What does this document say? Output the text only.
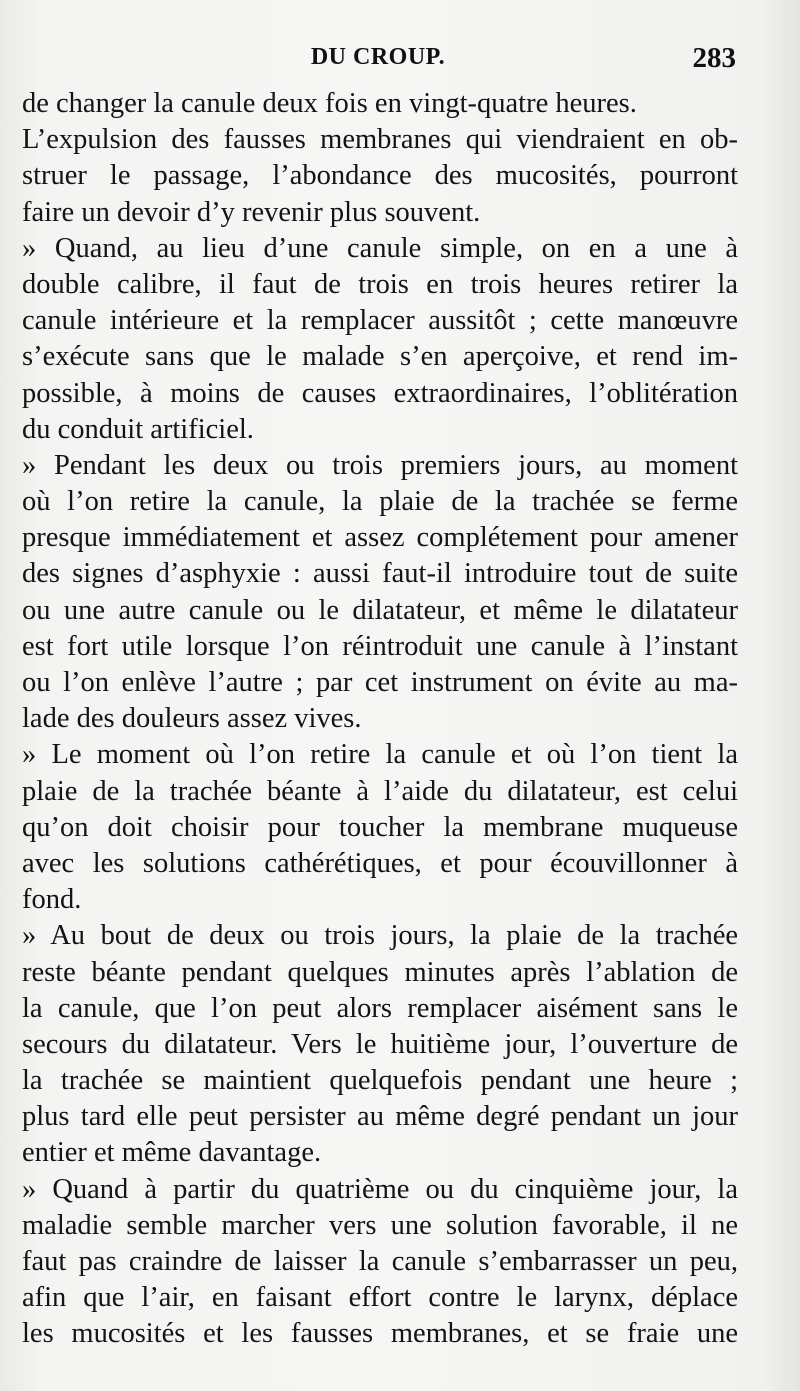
DU CROUP.	283
de changer la canule deux fois en vingt-quatre heures.
L’expulsion des fausses membranes qui viendraient en ob-
struer le passage, l’abondance des mucosités, pourront
faire un devoir d’y revenir plus souvent.
» Quand, au lieu d’une canule simple, on en a une à
double calibre, il faut de trois en trois heures retirer la
canule intérieure et la remplacer aussitôt ; cette manœuvre
s’exécute sans que le malade s’en aperçoive, et rend im-
possible, à moins de causes extraordinaires, l’oblitération
du conduit artificiel.
» Pendant les deux ou trois premiers jours, au moment
où l’on retire la canule, la plaie de la trachée se ferme
presque immédiatement et assez complétement pour amener
des signes d’asphyxie : aussi faut-il introduire tout de suite
ou une autre canule ou le dilatateur, et même le dilatateur
est fort utile lorsque l’on réintroduit une canule à l’instant
ou l’on enlève l’autre ; par cet instrument on évite au ma-
lade des douleurs assez vives.
» Le moment où l’on retire la canule et où l’on tient la
plaie de la trachée béante à l’aide du dilatateur, est celui
qu’on doit choisir pour toucher la membrane muqueuse
avec les solutions cathérétiques, et pour écouvillonner à
fond.
» Au bout de deux ou trois jours, la plaie de la trachée
reste béante pendant quelques minutes après l’ablation de
la canule, que l’on peut alors remplacer aisément sans le
secours du dilatateur. Vers le huitième jour, l’ouverture de
la trachée se maintient quelquefois pendant une heure ;
plus tard elle peut persister au même degré pendant un jour
entier et même davantage.
» Quand à partir du quatrième ou du cinquième jour, la
maladie semble marcher vers une solution favorable, il ne
faut pas craindre de laisser la canule s’embarrasser un peu,
afin que l’air, en faisant effort contre le larynx, déplace
les mucosités et les fausses membranes, et se fraie une
